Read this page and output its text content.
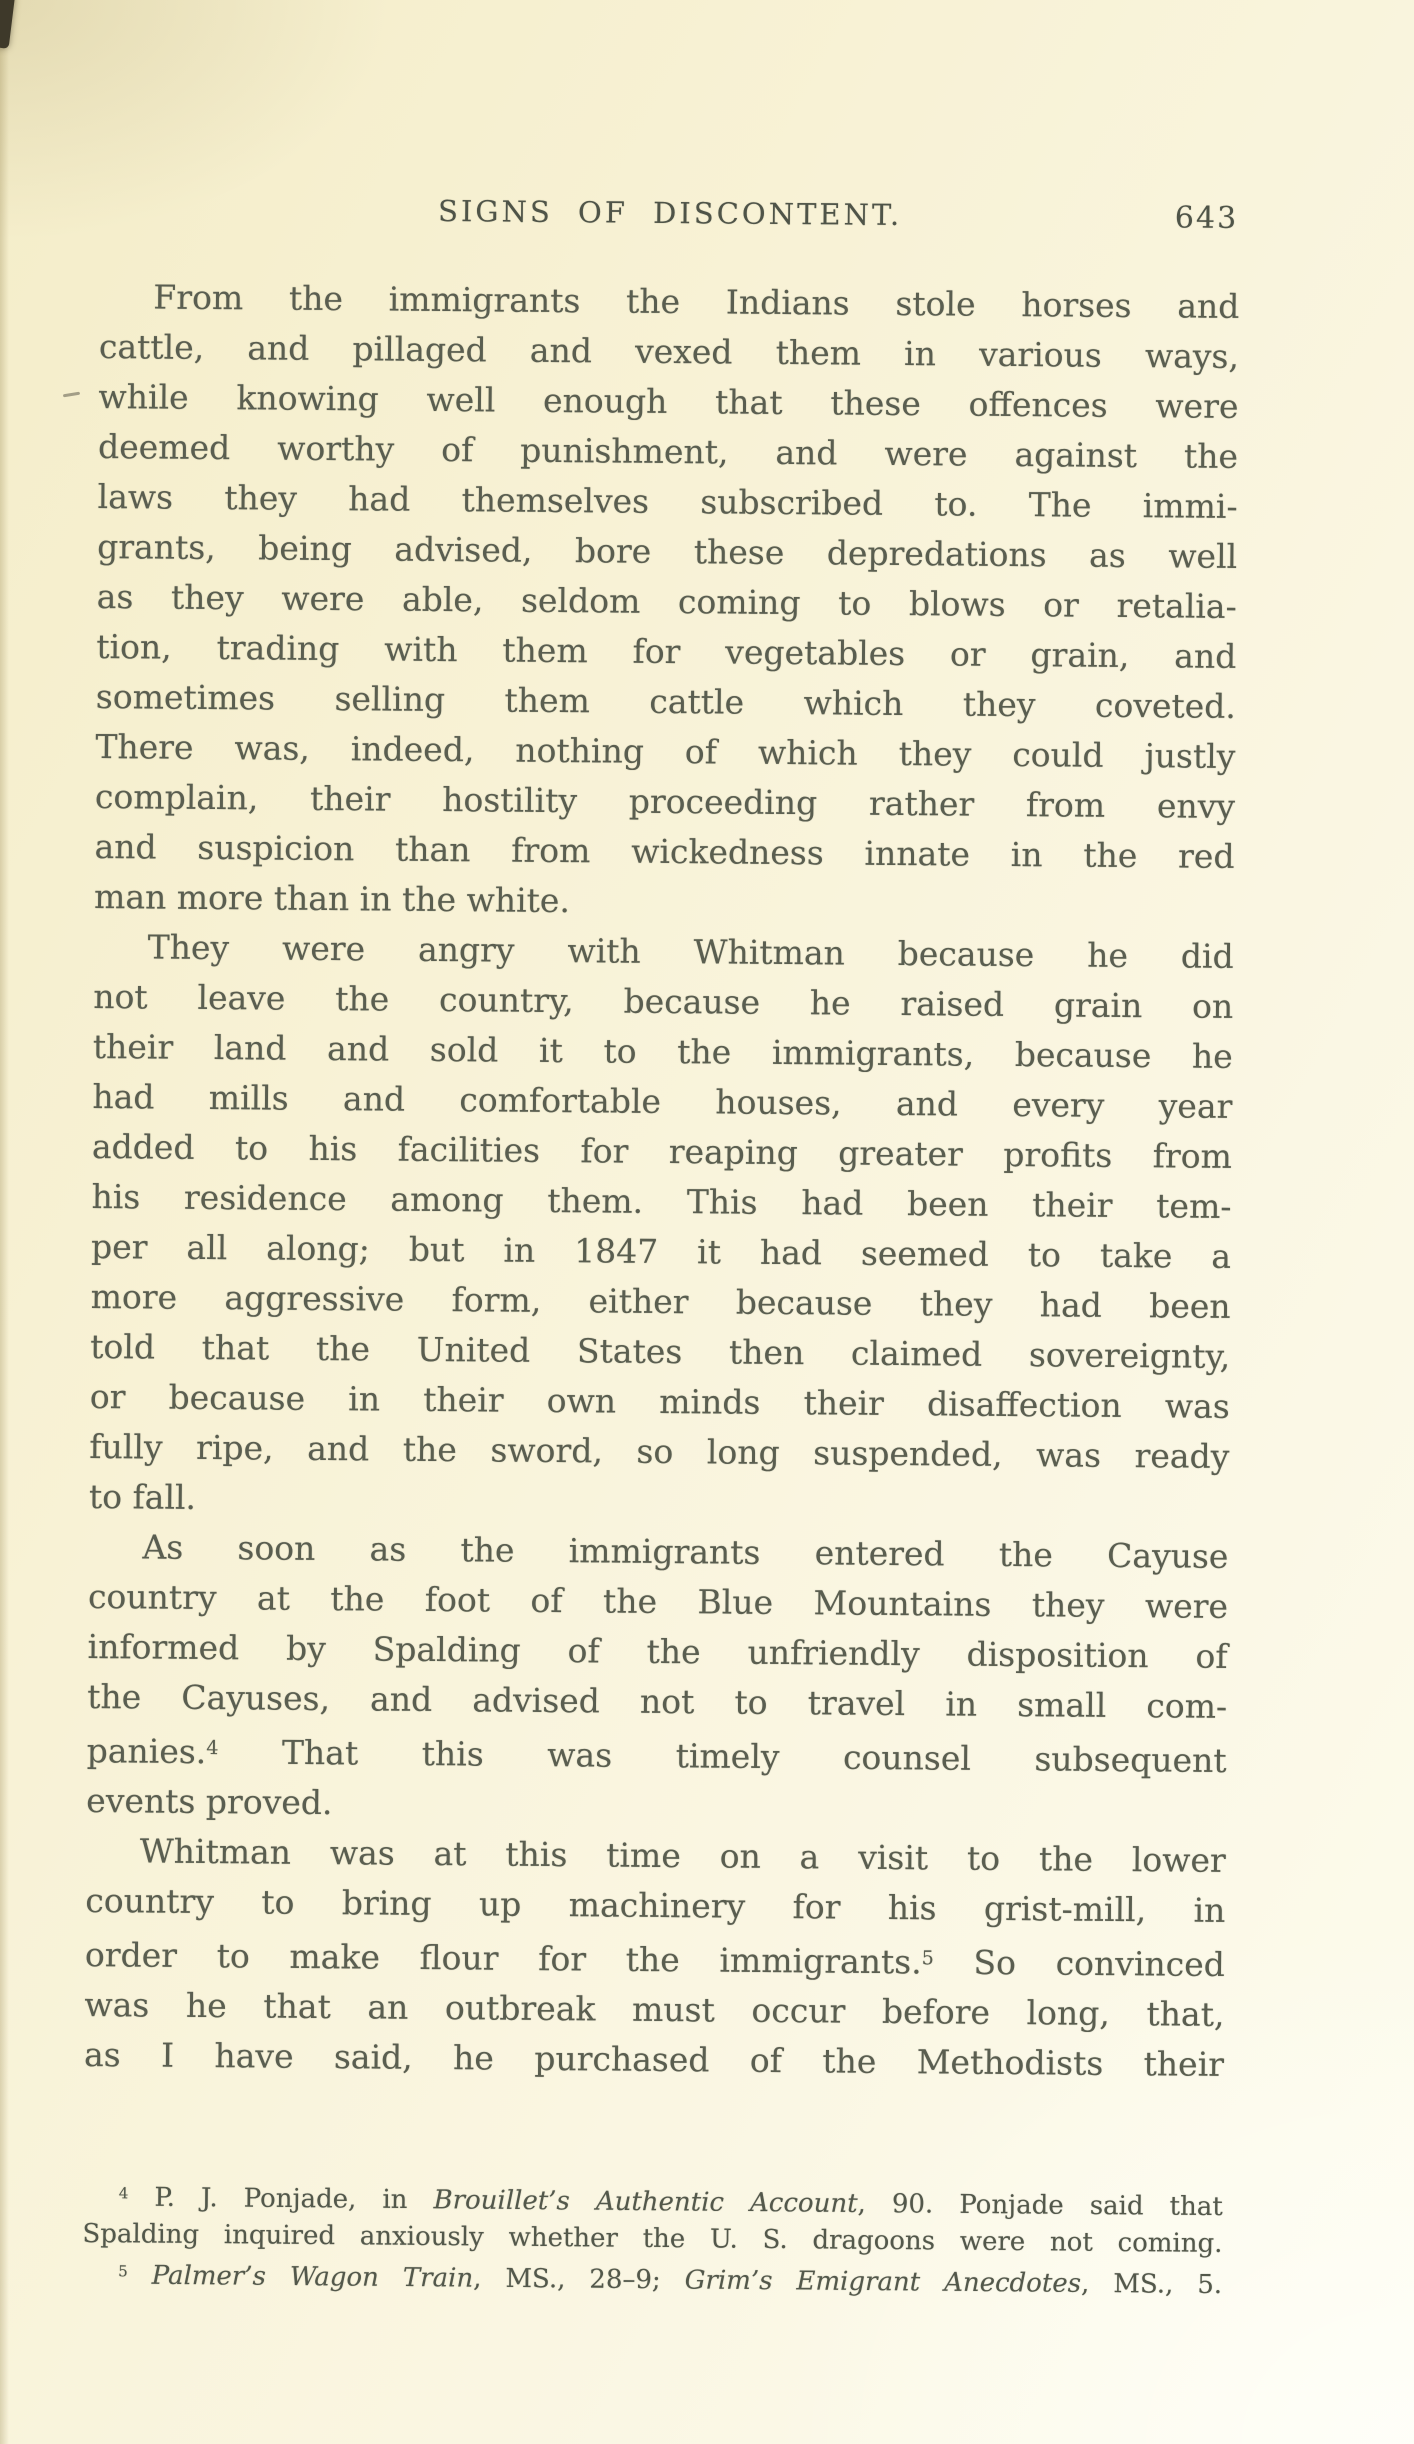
SIGNS OF DISCONTENT.	643
From the immigrants the Indians stole horses and
cattle, and pillaged and vexed them in various ways,
while knowing well enough that these offences were
deemed worthy of punishment, and were against the
laws they had themselves subscribed to. The immi-
grants, being advised, bore these depredations as well
as they were able, seldom coming to blows or retalia-
tion, trading with them for vegetables or grain, and
sometimes selling them cattle which they coveted.
There was, indeed, nothing of which they could justly
complain, their hostility proceeding rather from envy
and suspicion than from wickedness innate in the red
man more than in the white.
They were angry with Whitman because he did
not leave the country, because he raised grain on
their land and sold it to the immigrants, because he
had mills and comfortable houses, and every year
added to his facilities for reaping greater profits from
his residence among them. This had been their tem-
per all along; but in 1847 it had seemed to take a
more aggressive form, either because they had been
told that the United States then claimed sovereignty,
or because in their own minds their disaffection was
fully ripe, and the sword, so long suspended, was ready
to fall.
As soon as the immigrants entered the Cayuse
country at the foot of the Blue Mountains they were
informed by Spalding of the unfriendly disposition of
the Cayuses, and advised not to travel in small com-
panies.$^4$ That this was timely counsel subsequent
events proved.
Whitman was at this time on a visit to the lower
country to bring up machinery for his grist-mill, in
order to make flour for the immigrants.$^5$ So convinced
was he that an outbreak must occur before long, that,
as I have said, he purchased of the Methodists their
$^4$ P. J. Ponjade, in Brouillet’s Authentic Account, 90. Ponjade said that
Spalding inquired anxiously whether the U. S. dragoons were not coming.
$^5$ Palmer’s Wagon Train, MS., 28–9; Grim’s Emigrant Anecdotes, MS., 5.
